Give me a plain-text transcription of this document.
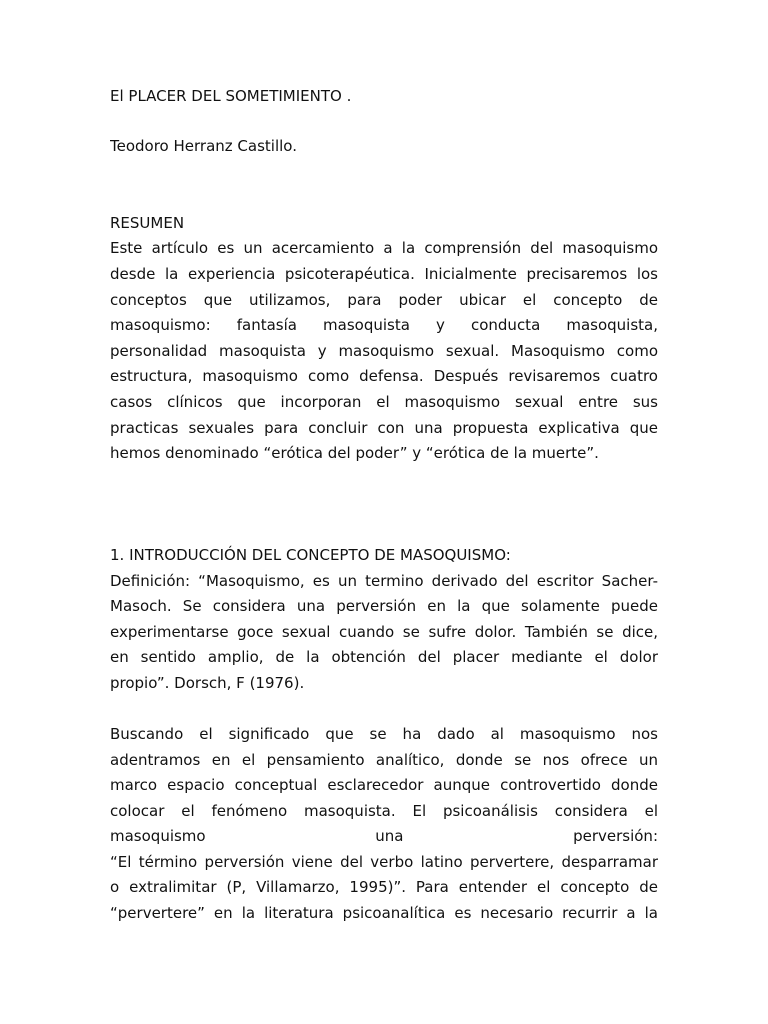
El PLACER DEL SOMETIMIENTO .
Teodoro Herranz Castillo.
RESUMEN
Este artículo es un acercamiento a la comprensión del masoquismo
desde la experiencia psicoterapéutica. Inicialmente precisaremos los
conceptos que utilizamos, para poder ubicar el concepto de
masoquismo: fantasía masoquista y conducta masoquista,
personalidad masoquista y masoquismo sexual. Masoquismo como
estructura, masoquismo como defensa. Después revisaremos cuatro
casos clínicos que incorporan el masoquismo sexual entre sus
practicas sexuales para concluir con una propuesta explicativa que
hemos denominado “erótica del poder” y “erótica de la muerte”.
1. INTRODUCCIÓN DEL CONCEPTO DE MASOQUISMO:
Definición: “Masoquismo, es un termino derivado del escritor Sacher-
Masoch. Se considera una perversión en la que solamente puede
experimentarse goce sexual cuando se sufre dolor. También se dice,
en sentido amplio, de la obtención del placer mediante el dolor
propio”. Dorsch, F (1976).
Buscando el significado que se ha dado al masoquismo nos
adentramos en el pensamiento analítico, donde se nos ofrece un
marco espacio conceptual esclarecedor aunque controvertido donde
colocar el fenómeno masoquista. El psicoanálisis considera el
masoquismo una perversión:
“El término perversión viene del verbo latino pervertere, desparramar
o extralimitar (P, Villamarzo, 1995)”. Para entender el concepto de
“pervertere” en la literatura psicoanalítica es necesario recurrir a la
